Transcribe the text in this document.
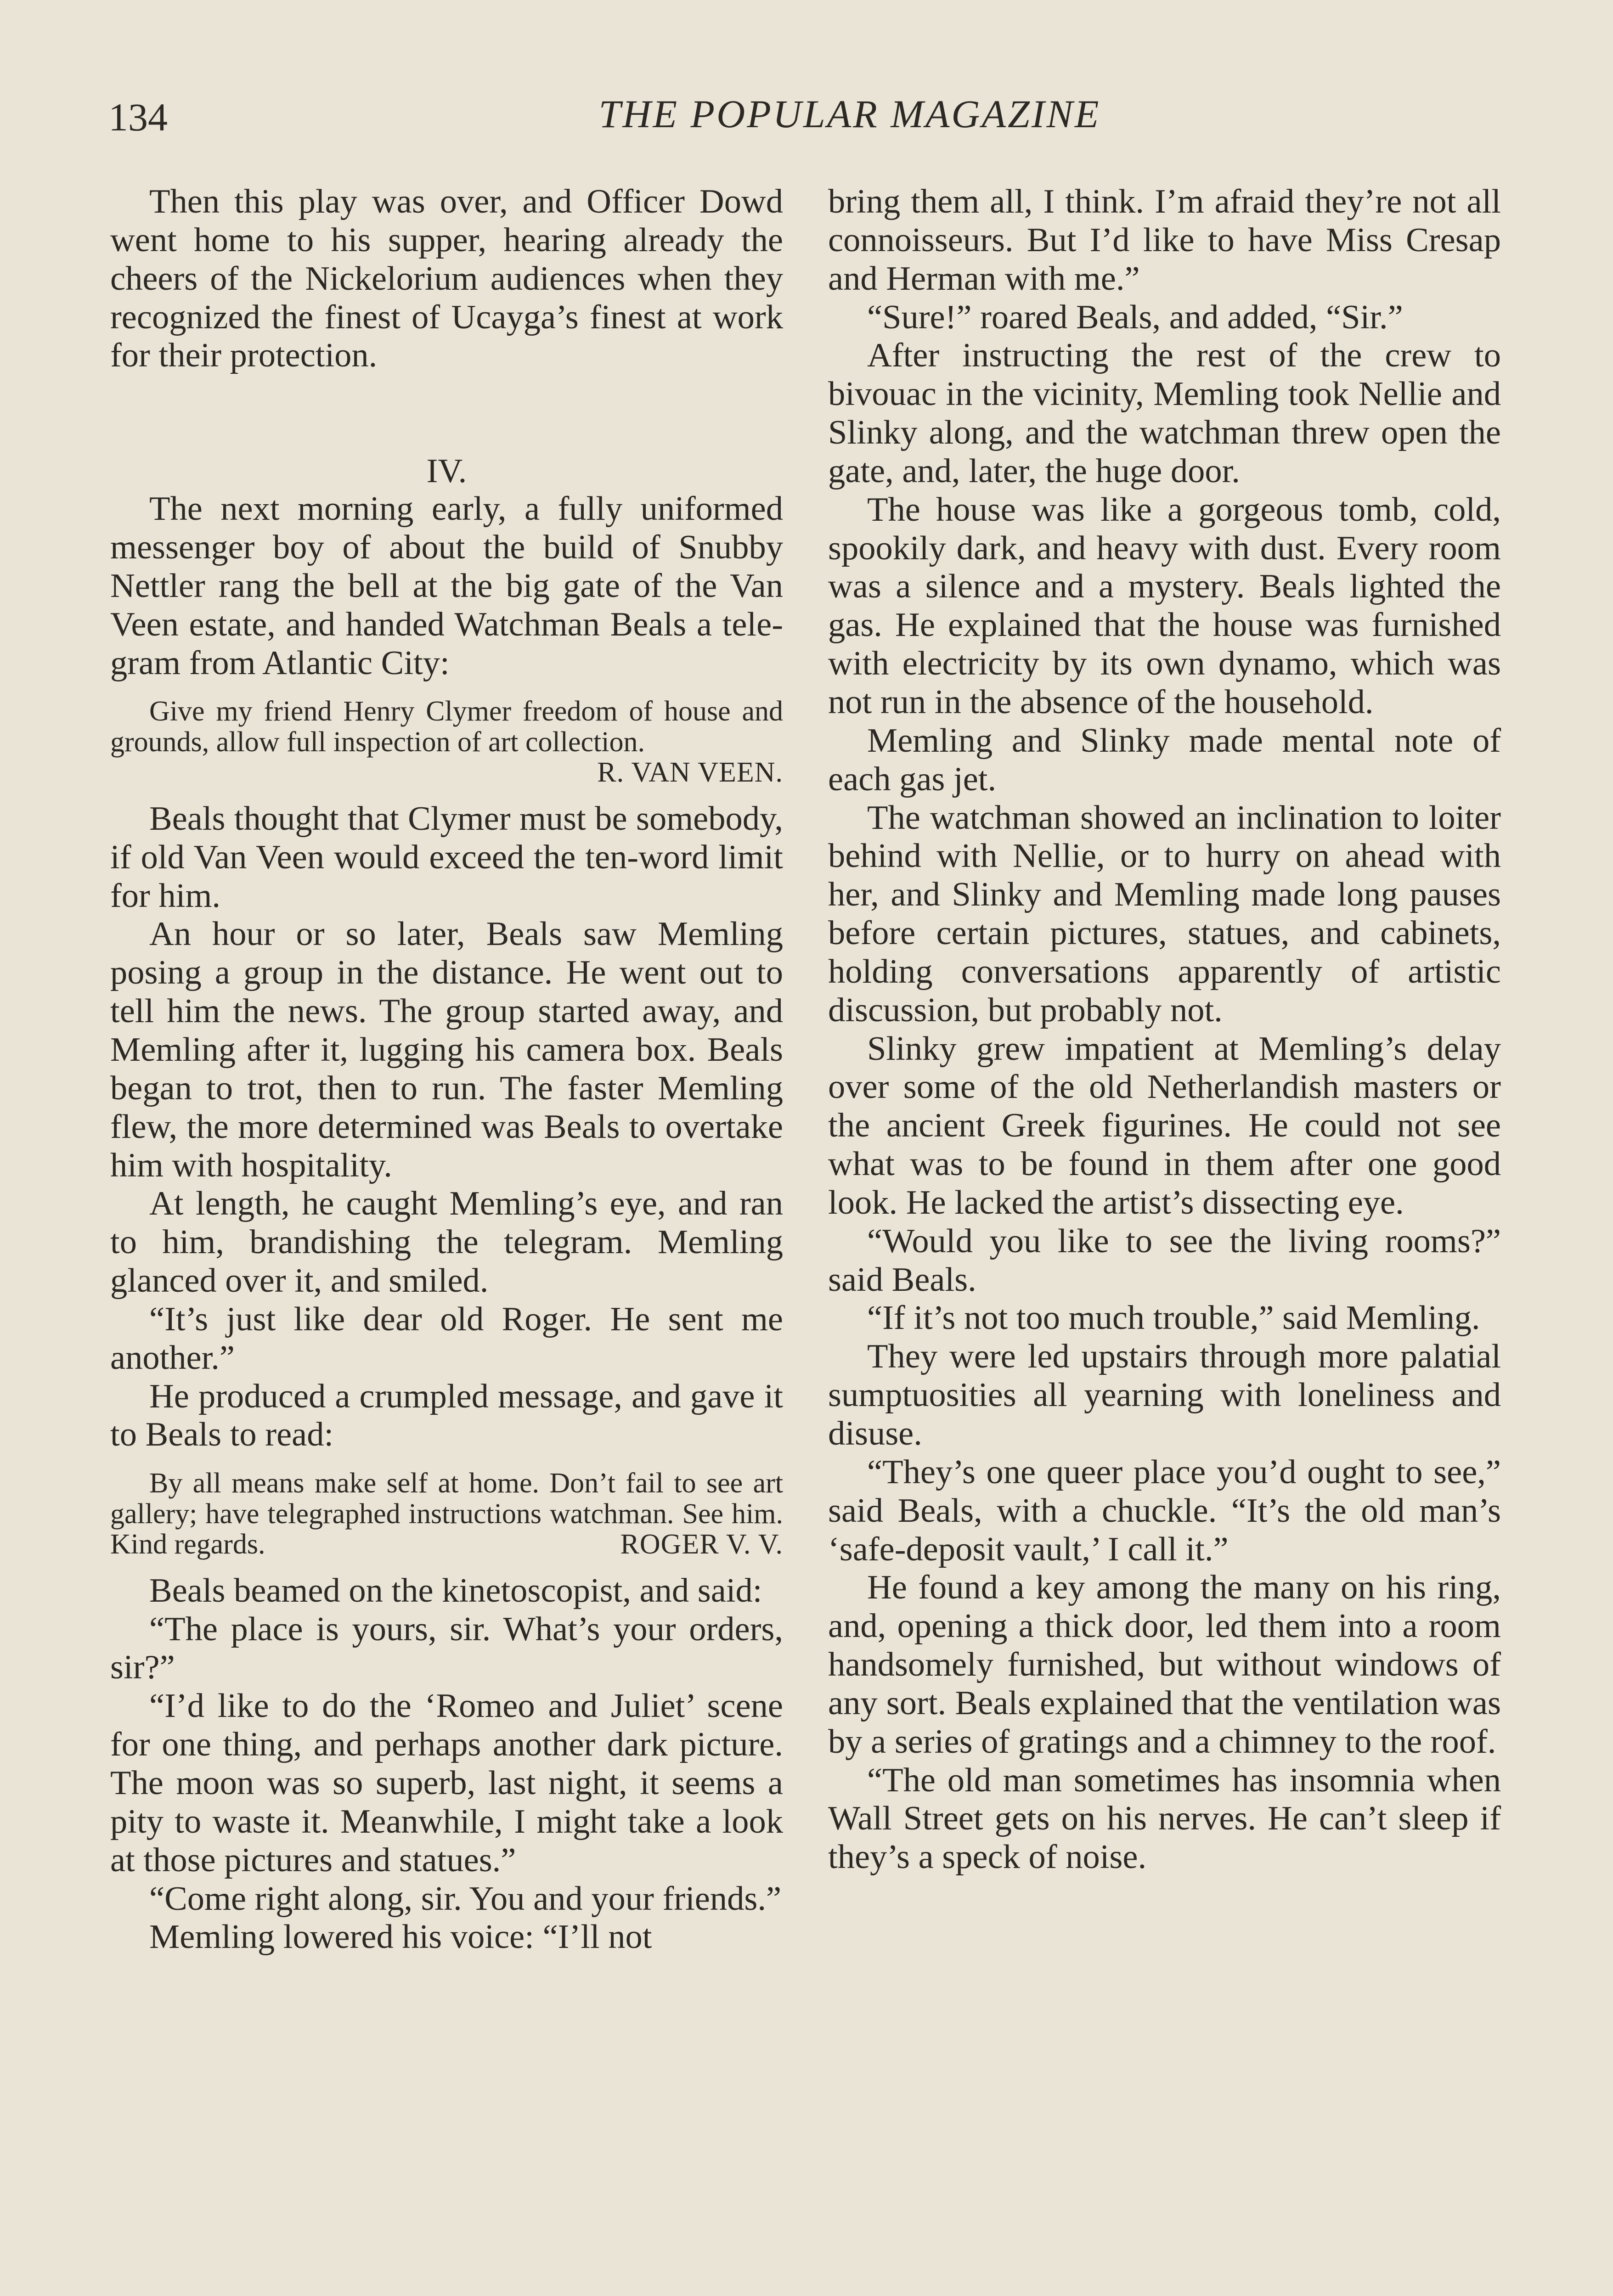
134	THE POPULAR MAGAZINE

Then this play was over, and Officer Dowd went home to his supper, hearing already the cheers of the Nickelorium audiences when they recognized the finest of Ucayga’s finest at work for their protection.

IV.

The next morning early, a fully uniformed messenger boy of about the build of Snubby Nettler rang the bell at the big gate of the Van Veen estate, and handed Watchman Beals a telegram from Atlantic City:

Give my friend Henry Clymer freedom of house and grounds, allow full inspection of art collection.
R. VAN VEEN.

Beals thought that Clymer must be somebody, if old Van Veen would exceed the ten-word limit for him.

An hour or so later, Beals saw Memling posing a group in the distance. He went out to tell him the news. The group started away, and Memling after it, lugging his camera box. Beals began to trot, then to run. The faster Memling flew, the more determined was Beals to overtake him with hospitality.

At length, he caught Memling’s eye, and ran to him, brandishing the telegram. Memling glanced over it, and smiled.

“It’s just like dear old Roger. He sent me another.”

He produced a crumpled message, and gave it to Beals to read:

By all means make self at home. Don’t fail to see art gallery; have telegraphed instructions watchman. See him. Kind regards.	ROGER V. V.

Beals beamed on the kinetoscopist, and said:

“The place is yours, sir. What’s your orders, sir?”

“I’d like to do the ‘Romeo and Juliet’ scene for one thing, and perhaps another dark picture. The moon was so superb, last night, it seems a pity to waste it. Meanwhile, I might take a look at those pictures and statues.”

“Come right along, sir. You and your friends.”

Memling lowered his voice: “I’ll not

bring them all, I think. I’m afraid they’re not all connoisseurs. But I’d like to have Miss Cresap and Herman with me.”

“Sure!” roared Beals, and added, “Sir.”

After instructing the rest of the crew to bivouac in the vicinity, Memling took Nellie and Slinky along, and the watchman threw open the gate, and, later, the huge door.

The house was like a gorgeous tomb, cold, spookily dark, and heavy with dust. Every room was a silence and a mystery. Beals lighted the gas. He explained that the house was furnished with electricity by its own dynamo, which was not run in the absence of the household.

Memling and Slinky made mental note of each gas jet.

The watchman showed an inclination to loiter behind with Nellie, or to hurry on ahead with her, and Slinky and Memling made long pauses before certain pictures, statues, and cabinets, holding conversations apparently of artistic discussion, but probably not.

Slinky grew impatient at Memling’s delay over some of the old Netherlandish masters or the ancient Greek figurines. He could not see what was to be found in them after one good look. He lacked the artist’s dissecting eye.

“Would you like to see the living rooms?” said Beals.

“If it’s not too much trouble,” said Memling.

They were led upstairs through more palatial sumptuosities all yearning with loneliness and disuse.

“They’s one queer place you’d ought to see,” said Beals, with a chuckle. “It’s the old man’s ‘safe-deposit vault,’ I call it.”

He found a key among the many on his ring, and, opening a thick door, led them into a room handsomely furnished, but without windows of any sort. Beals explained that the ventilation was by a series of gratings and a chimney to the roof.

“The old man sometimes has insomnia when Wall Street gets on his nerves. He can’t sleep if they’s a speck of noise.
